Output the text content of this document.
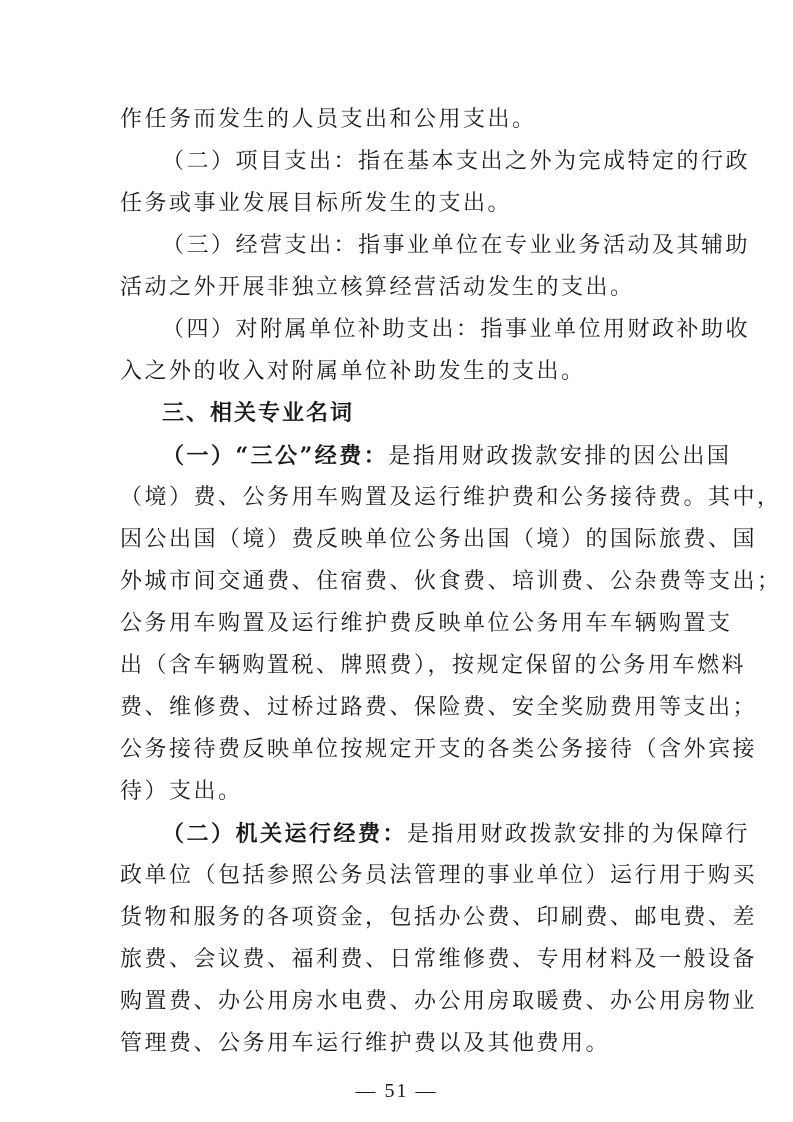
作任务而发生的人员支出和公用支出。
（二）项目支出：指在基本支出之外为完成特定的行政
任务或事业发展目标所发生的支出。
（三）经营支出：指事业单位在专业业务活动及其辅助
活动之外开展非独立核算经营活动发生的支出。
（四）对附属单位补助支出：指事业单位用财政补助收
入之外的收入对附属单位补助发生的支出。
三、相关专业名词
（一）“三公”经费：是指用财政拨款安排的因公出国
（境）费、公务用车购置及运行维护费和公务接待费。其中，
因公出国（境）费反映单位公务出国（境）的国际旅费、国
外城市间交通费、住宿费、伙食费、培训费、公杂费等支出；
公务用车购置及运行维护费反映单位公务用车车辆购置支
出（含车辆购置税、牌照费），按规定保留的公务用车燃料
费、维修费、过桥过路费、保险费、安全奖励费用等支出；
公务接待费反映单位按规定开支的各类公务接待（含外宾接
待）支出。
（二）机关运行经费：是指用财政拨款安排的为保障行
政单位（包括参照公务员法管理的事业单位）运行用于购买
货物和服务的各项资金，包括办公费、印刷费、邮电费、差
旅费、会议费、福利费、日常维修费、专用材料及一般设备
购置费、办公用房水电费、办公用房取暖费、办公用房物业
管理费、公务用车运行维护费以及其他费用。
— 51 —
